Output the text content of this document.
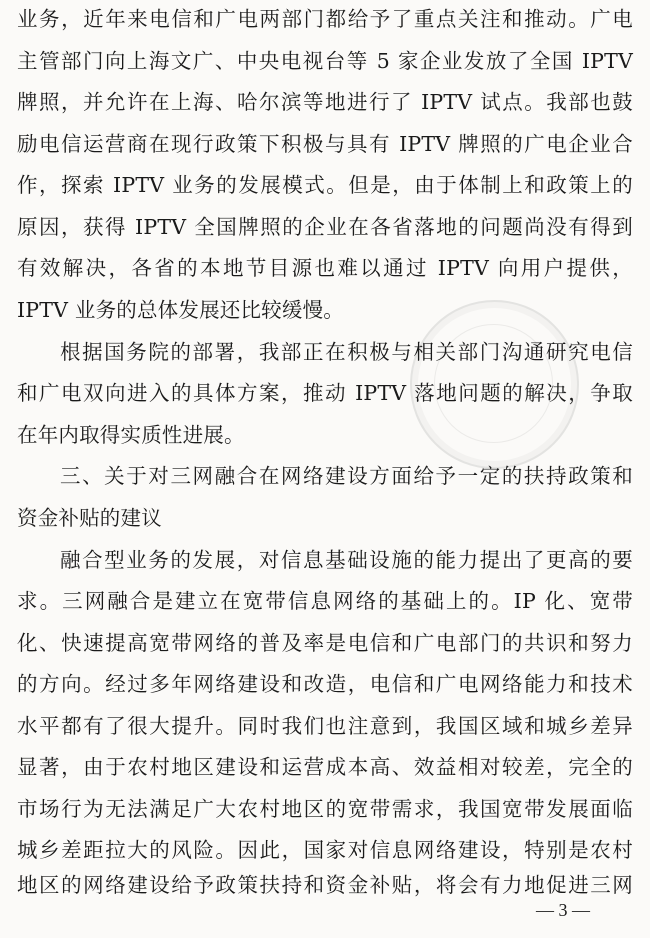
业务，近年来电信和广电两部门都给予了重点关注和推动。广电
主管部门向上海文广、中央电视台等 5 家企业发放了全国 IPTV
牌照，并允许在上海、哈尔滨等地进行了 IPTV 试点。我部也鼓
励电信运营商在现行政策下积极与具有 IPTV 牌照的广电企业合
作，探索 IPTV 业务的发展模式。但是，由于体制上和政策上的
原因，获得 IPTV 全国牌照的企业在各省落地的问题尚没有得到
有效解决，各省的本地节目源也难以通过 IPTV 向用户提供，
IPTV 业务的总体发展还比较缓慢。
根据国务院的部署，我部正在积极与相关部门沟通研究电信
和广电双向进入的具体方案，推动 IPTV 落地问题的解决，争取
在年内取得实质性进展。
三、关于对三网融合在网络建设方面给予一定的扶持政策和
资金补贴的建议
融合型业务的发展，对信息基础设施的能力提出了更高的要
求。三网融合是建立在宽带信息网络的基础上的。IP 化、宽带
化、快速提高宽带网络的普及率是电信和广电部门的共识和努力
的方向。经过多年网络建设和改造，电信和广电网络能力和技术
水平都有了很大提升。同时我们也注意到，我国区域和城乡差异
显著，由于农村地区建设和运营成本高、效益相对较差，完全的
市场行为无法满足广大农村地区的宽带需求，我国宽带发展面临
城乡差距拉大的风险。因此，国家对信息网络建设，特别是农村
地区的网络建设给予政策扶持和资金补贴，将会有力地促进三网
— 3 —
